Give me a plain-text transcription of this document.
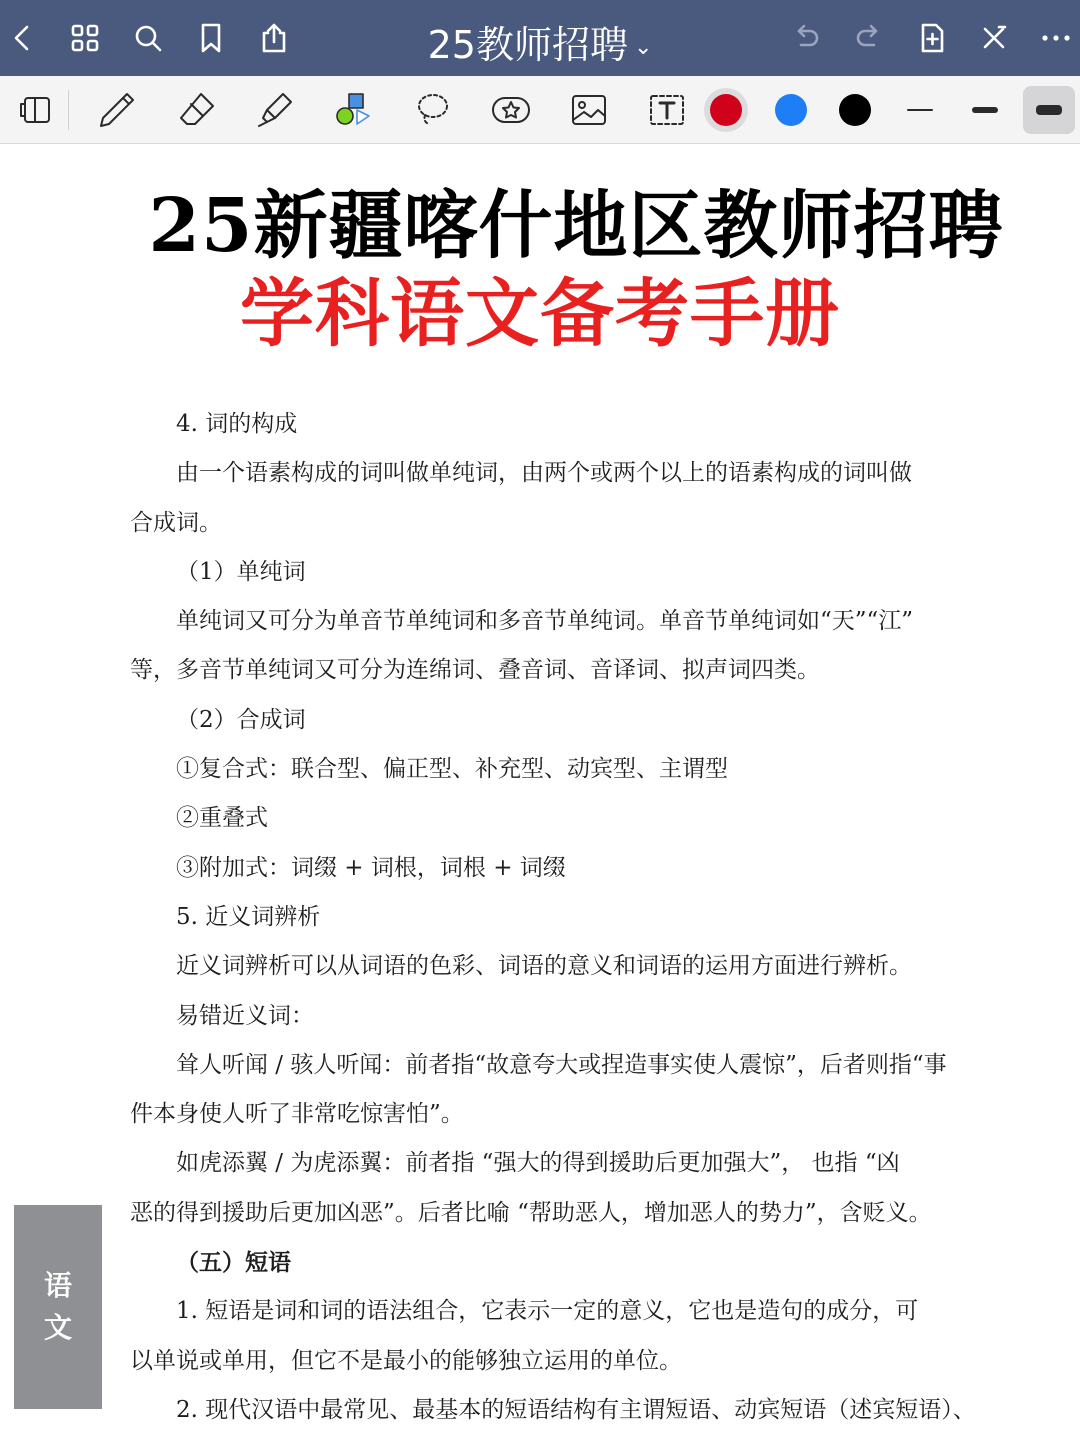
25教师招聘 ⌄
25新疆喀什地区教师招聘
学科语文备考手册
4. 词的构成
由一个语素构成的词叫做单纯词，由两个或两个以上的语素构成的词叫做
合成词。
（1）单纯词
单纯词又可分为单音节单纯词和多音节单纯词。单音节单纯词如“天”“江”
等，多音节单纯词又可分为连绵词、叠音词、音译词、拟声词四类。
（2）合成词
①复合式：联合型、偏正型、补充型、动宾型、主谓型
②重叠式
③附加式：词缀 + 词根，词根 + 词缀
5. 近义词辨析
近义词辨析可以从词语的色彩、词语的意义和词语的运用方面进行辨析。
易错近义词：
耸人听闻 / 骇人听闻：前者指“故意夸大或捏造事实使人震惊”，后者则指“事
件本身使人听了非常吃惊害怕”。
如虎添翼 / 为虎添翼：前者指 “强大的得到援助后更加强大”， 也指 “凶
恶的得到援助后更加凶恶”。后者比喻 “帮助恶人，增加恶人的势力”，含贬义。
（五）短语
1. 短语是词和词的语法组合，它表示一定的意义，它也是造句的成分，可
以单说或单用，但它不是最小的能够独立运用的单位。
2. 现代汉语中最常见、最基本的短语结构有主谓短语、动宾短语（述宾短语）、
语
文
